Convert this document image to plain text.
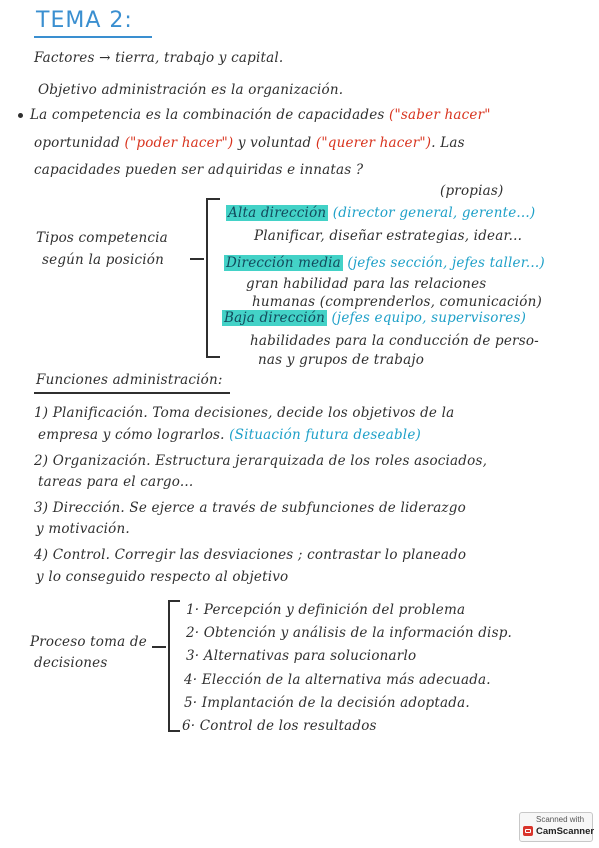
TEMA 2:
Factores → tierra, trabajo y capital.
Objetivo administración es la organización.
La competencia es la combinación de capacidades ("saber hacer"
oportunidad ("poder hacer") y voluntad ("querer hacer"). Las
capacidades pueden ser adquiridas e innatas ?
(propias)
Tipos competencia
según la posición
Alta dirección (director general, gerente...)
Planificar, diseñar estrategias, idear...
Dirección media (jefes sección, jefes taller...)
gran habilidad para las relaciones
humanas (comprenderlos, comunicación)
Baja dirección (jefes equipo, supervisores)
habilidades para la conducción de perso-
nas y grupos de trabajo
Funciones administración:
1) Planificación. Toma decisiones, decide los objetivos de la
empresa y cómo lograrlos. (Situación futura deseable)
2) Organización. Estructura jerarquizada de los roles asociados,
tareas para el cargo...
3) Dirección. Se ejerce a través de subfunciones de liderazgo
y motivación.
4) Control. Corregir las desviaciones ; contrastar lo planeado
y lo conseguido respecto al objetivo
Proceso toma de
decisiones
1· Percepción y definición del problema
2· Obtención y análisis de la información disp.
3· Alternativas para solucionarlo
4· Elección de la alternativa más adecuada.
5· Implantación de la decisión adoptada.
6· Control de los resultados
Scanned with
CamScanner
